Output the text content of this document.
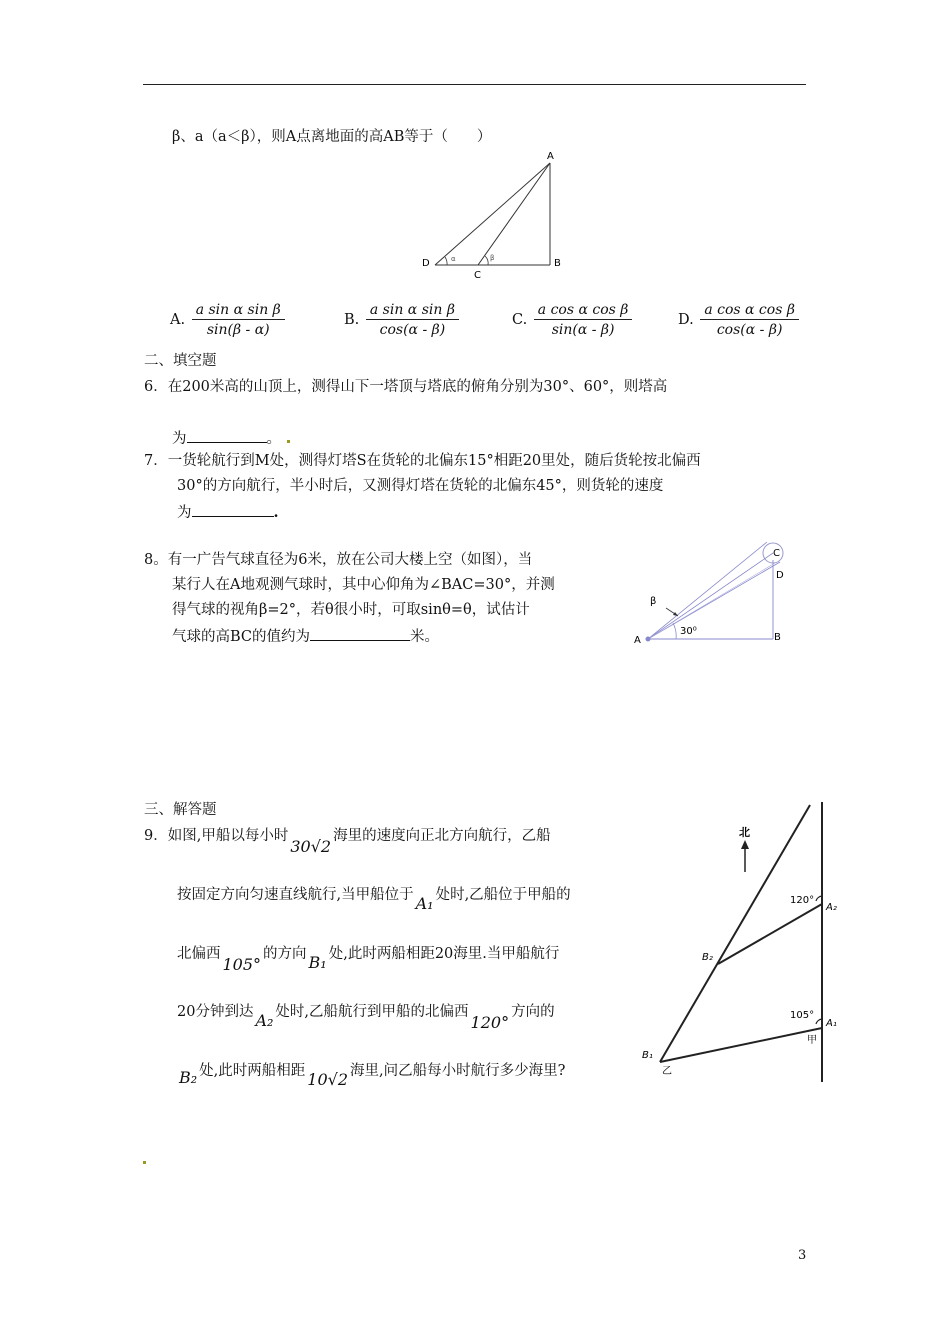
β、a（a＜β），则A点离地面的高AB等于（　　）
A
B
C
D	α	β
A. $\frac{\text{a sin α sin β}}{\sin(\beta - \alpha)}$	B. $\frac{\text{a sin α sin β}}{\cos(\alpha - \beta)}$	C. $\frac{\text{a cos α cos β}}{\sin(\alpha - \beta)}$	D. $\frac{\text{a cos α cos β}}{\cos(\alpha - \beta)}$
二、填空题
6．在200米高的山顶上，测得山下一塔顶与塔底的俯角分别为30°、60°，则塔高
为	。
7．一货轮航行到M处，测得灯塔S在货轮的北偏东15°相距20里处，随后货轮按北偏西
30°的方向航行，半小时后，又测得灯塔在货轮的北偏东45°，则货轮的速度
为	.
8。有一广告气球直径为6米，放在公司大楼上空（如图），当
某行人在A地观测气球时，其中心仰角为∠BAC=30°，并测
得气球的视角β=2°，若θ很小时，可取sinθ=θ，试估计
气球的高BC的值约为	米。
C
D
β
A	B
30⁰
三、解答题
9．如图,甲船以每小时30√2海里的速度向正北方向航行，乙船
按固定方向匀速直线航行,当甲船位于 A₁ 处时,乙船位于甲船的
北偏西105°的方向 B₁ 处,此时两船相距20海里.当甲船航行
20分钟到达 A₂ 处时,乙船航行到甲船的北偏西120°方向的
B₂ 处,此时两船相距 10√2 海里,问乙船每小时航行多少海里?
北
120°
A₂
B₂
105°
A₁
甲
B₁
乙
3
